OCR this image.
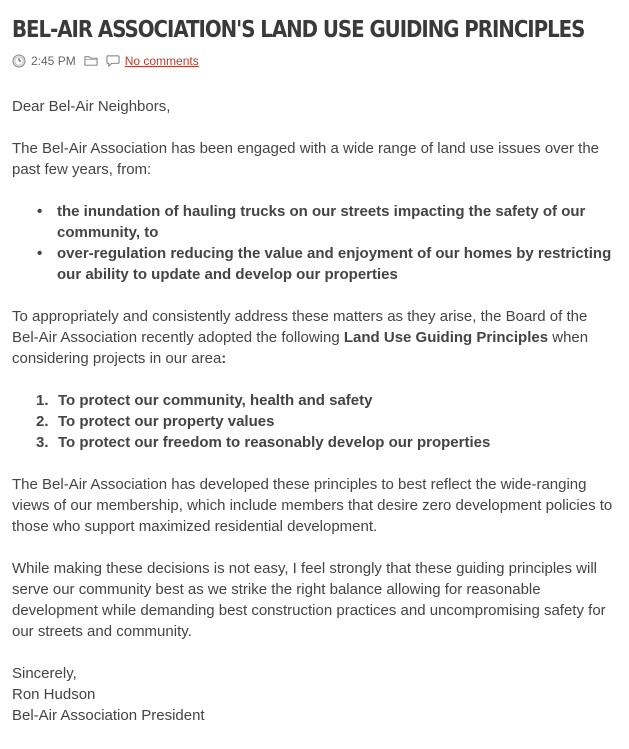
BEL-AIR ASSOCIATION'S LAND USE GUIDING PRINCIPLES
2:45 PM	No comments

Dear Bel-Air Neighbors,

The Bel-Air Association has been engaged with a wide range of land use issues over the past few years, from:

• the inundation of hauling trucks on our streets impacting the safety of our community, to
• over-regulation reducing the value and enjoyment of our homes by restricting our ability to update and develop our properties

To appropriately and consistently address these matters as they arise, the Board of the Bel-Air Association recently adopted the following Land Use Guiding Principles when considering projects in our area:

1. To protect our community, health and safety
2. To protect our property values
3. To protect our freedom to reasonably develop our properties

The Bel-Air Association has developed these principles to best reflect the wide-ranging views of our membership, which include members that desire zero development policies to those who support maximized residential development.

While making these decisions is not easy, I feel strongly that these guiding principles will serve our community best as we strike the right balance allowing for reasonable development while demanding best construction practices and uncompromising safety for our streets and community.

Sincerely,

Ron Hudson

Bel-Air Association President
